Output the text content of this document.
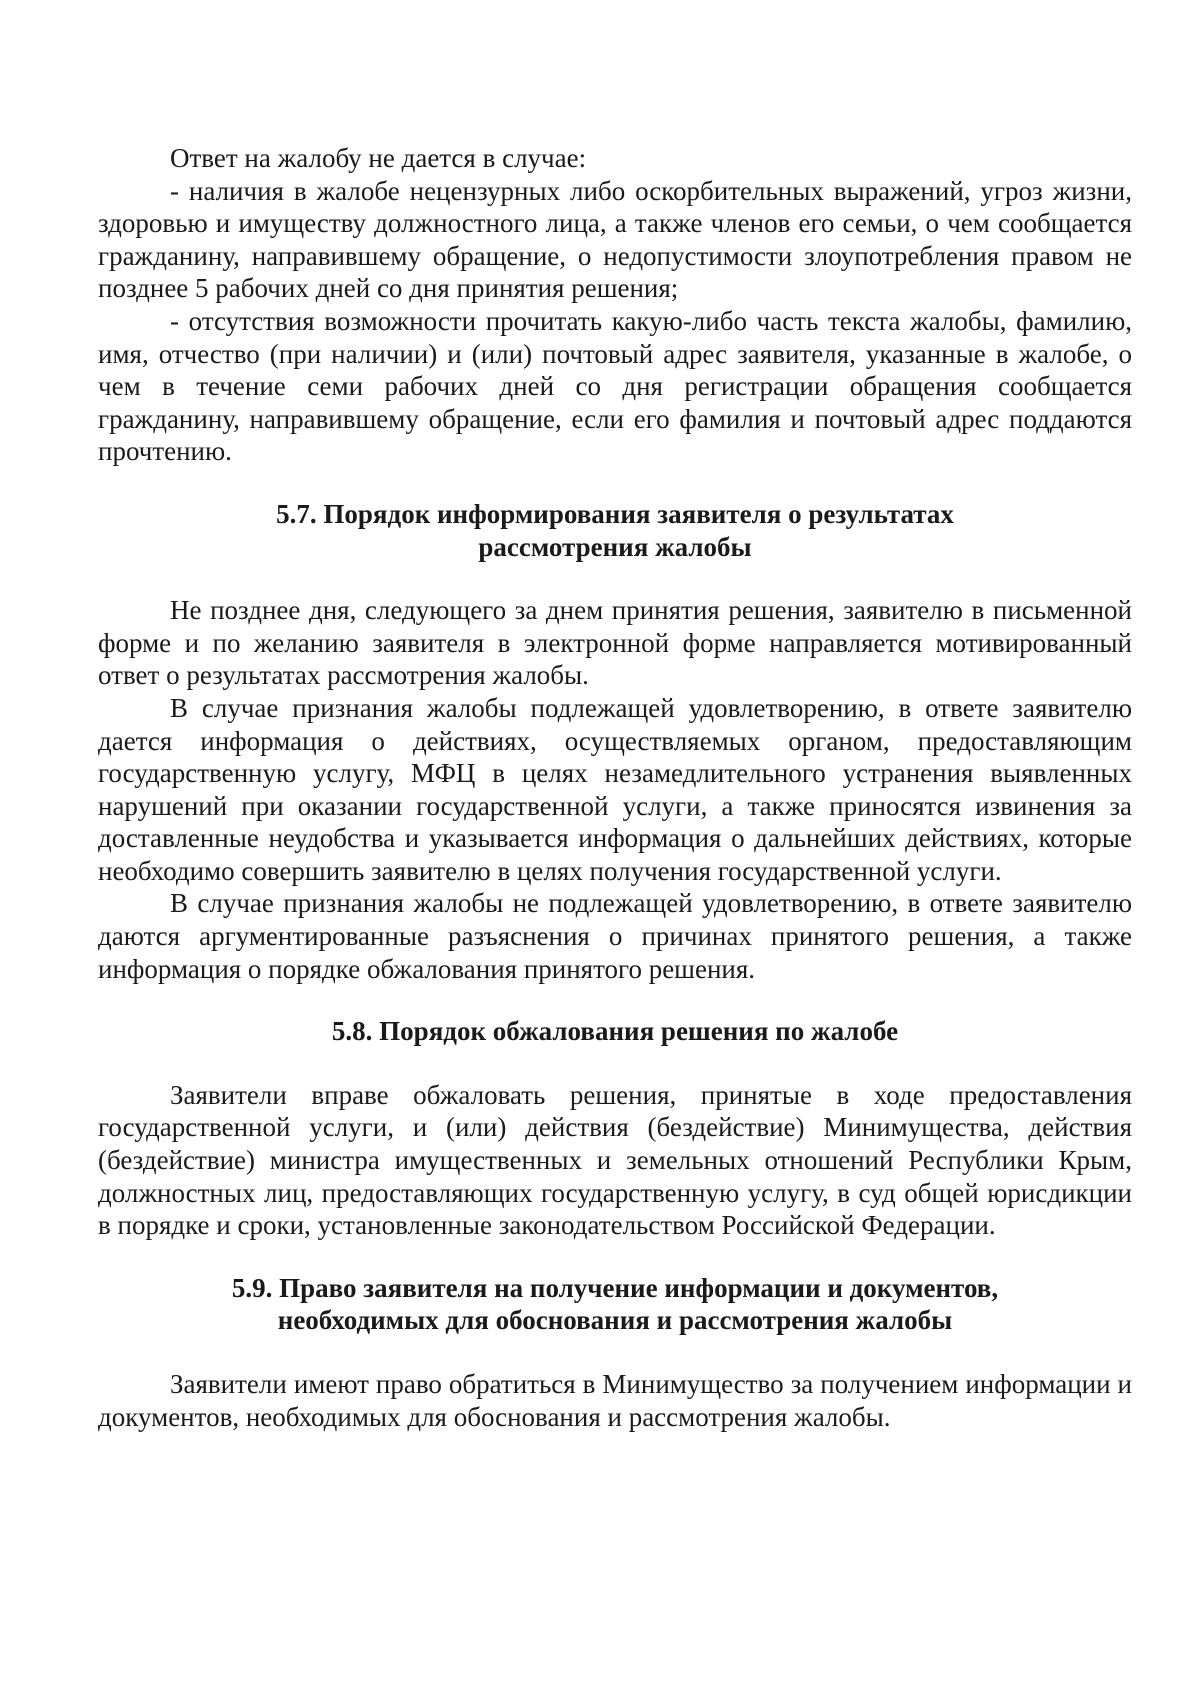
Ответ на жалобу не дается в случае:

- наличия в жалобе нецензурных либо оскорбительных выражений, угроз жизни, здоровью и имуществу должностного лица, а также членов его семьи, о чем сообщается гражданину, направившему обращение, о недопустимости злоупотребления правом не позднее 5 рабочих дней со дня принятия решения;

- отсутствия возможности прочитать какую-либо часть текста жалобы, фамилию, имя, отчество (при наличии) и (или) почтовый адрес заявителя, указанные в жалобе, о чем в течение семи рабочих дней со дня регистрации обращения сообщается гражданину, направившему обращение, если его фамилия и почтовый адрес поддаются прочтению.

5.7. Порядок информирования заявителя о результатах
рассмотрения жалобы

Не позднее дня, следующего за днем принятия решения, заявителю в письменной форме и по желанию заявителя в электронной форме направляется мотивированный ответ о результатах рассмотрения жалобы.

В случае признания жалобы подлежащей удовлетворению, в ответе заявителю дается информация о действиях, осуществляемых органом, предоставляющим государственную услугу, МФЦ в целях незамедлительного устранения выявленных нарушений при оказании государственной услуги, а также приносятся извинения за доставленные неудобства и указывается информация о дальнейших действиях, которые необходимо совершить заявителю в целях получения государственной услуги.

В случае признания жалобы не подлежащей удовлетворению, в ответе заявителю даются аргументированные разъяснения о причинах принятого решения, а также информация о порядке обжалования принятого решения.

5.8. Порядок обжалования решения по жалобе

Заявители вправе обжаловать решения, принятые в ходе предоставления государственной услуги, и (или) действия (бездействие) Минимущества, действия (бездействие) министра имущественных и земельных отношений Республики Крым, должностных лиц, предоставляющих государственную услугу, в суд общей юрисдикции в порядке и сроки, установленные законодательством Российской Федерации.

5.9. Право заявителя на получение информации и документов,
необходимых для обоснования и рассмотрения жалобы

Заявители имеют право обратиться в Минимущество за получением информации и документов, необходимых для обоснования и рассмотрения жалобы.
